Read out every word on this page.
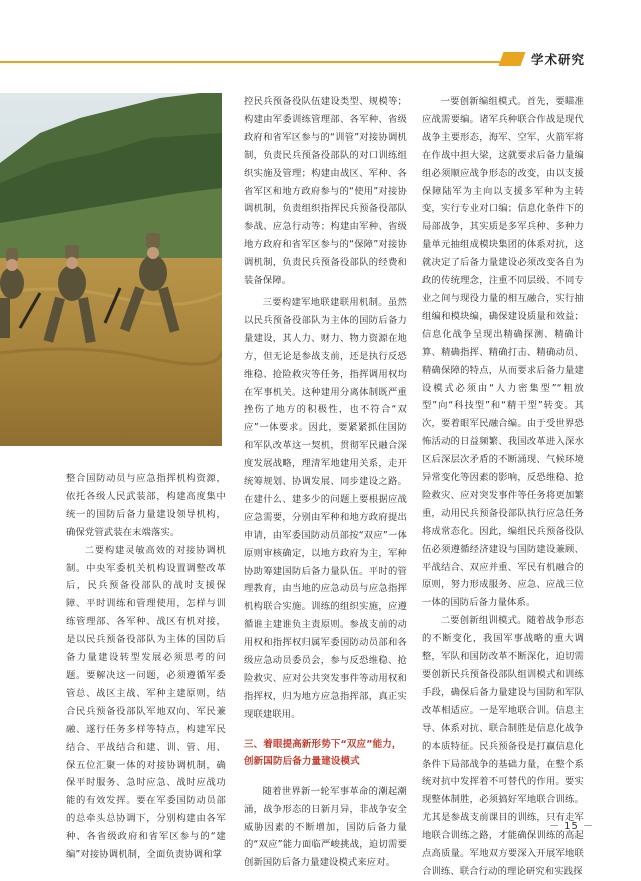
学术研究

整合国防动员与应急指挥机构资源，依托各级人民武装部，构建高度集中统一的国防后备力量建设领导机构，确保党管武装在末端落实。

二要构建灵敏高效的对接协调机制。中央军委机关机构设置调整改革后，民兵预备役部队的战时支援保障、平时训练和管理使用，怎样与训练管理部、各军种、战区有机对接，是以民兵预备役部队为主体的国防后备力量建设转型发展必须思考的问题。要解决这一问题，必须遵循军委管总、战区主战、军种主建原则，结合民兵预备役部队军地双向、军民兼融、遂行任务多样等特点，构建军民结合、平战结合和建、训、管、用、保五位汇聚一体的对接协调机制，确保平时服务、急时应急、战时应战功能的有效发挥。要在军委国防动员部的总牵头总协调下，分别构建由各军种、各省级政府和省军区参与的“建编”对接协调机制，全面负责协调和掌

控民兵预备役队伍建设类型、规模等；构建由军委训练管理部、各军种、省级政府和省军区参与的“训管”对接协调机制，负责民兵预备役部队的对口训练组织实施及管理；构建由战区、军种、各省军区和地方政府参与的“使用”对接协调机制，负责组织指挥民兵预备役部队参战、应急行动等；构建由军种、省级地方政府和省军区参与的“保障”对接协调机制，负责民兵预备役部队的经费和装备保障。

三要构建军地联建联用机制。虽然以民兵预备役部队为主体的国防后备力量建设，其人力、财力、物力资源在地方，但无论是参战支前，还是执行反恐维稳、抢险救灾等任务，指挥调用权均在军事机关。这种建用分离体制既严重挫伤了地方的积极性，也不符合“双应”一体要求。因此，要紧紧抓住国防和军队改革这一契机，贯彻军民融合深度发展战略，理清军地建用关系，走开统筹规划、协调发展、同步建设之路。在建什么、建多少的问题上要根据应战应急需要，分别由军种和地方政府提出申请，由军委国防动员部按“双应”一体原则审核确定，以地方政府为主，军种协助筹建国防后备力量队伍。平时的管理教育，由当地的应急动员与应急指挥机构联合实施。训练的组织实施，应遵循谁主建谁负主责原则。参战支前的动用权和指挥权归属军委国防动员部和各级应急动员委员会，参与反恐维稳、抢险救灾、应对公共突发事件等动用权和指挥权，归为地方应急指挥部，真正实现联建联用。

三、着眼提高新形势下“双应”能力，创新国防后备力量建设模式

随着世界新一轮军事革命的潮起潮涌，战争形态的日新月异，非战争安全威胁因素的不断增加，国防后备力量的“双应”能力面临严峻挑战，迫切需要创新国防后备力量建设模式来应对。

一要创新编组模式。首先，要瞄准应战需要编。诸军兵种联合作战是现代战争主要形态，海军、空军、火箭军将在作战中担大梁，这就要求后备力量编组必须顺应战争形态的改变，由以支援保障陆军为主向以支援多军种为主转变，实行专业对口编；信息化条件下的局部战争，其实质是多军兵种、多种力量单元抽组成模块集团的体系对抗，这就决定了后备力量建设必须改变各自为政的传统理念，注重不同层级、不同专业之间与现役力量的相互融合，实行抽组编和模块编，确保建设质量和效益；信息化战争呈现出精确探测、精确计算、精确指挥、精确打击、精确动员、精确保障的特点，从而要求后备力量建设模式必须由“人力密集型”“粗放型”向“科技型”和“精干型”转变。其次，要着眼军民融合编。由于受世界恐怖活动的日益频繁、我国改革进入深水区后深层次矛盾的不断涌现、气候环境异常变化等因素的影响，反恐维稳、抢险救灾、应对突发事件等任务将更加繁重，动用民兵预备役部队执行应急任务将成常态化。因此，编组民兵预备役队伍必须遵循经济建设与国防建设兼顾、平战结合、双应并重、军民有机融合的原则，努力形成服务、应急、应战三位一体的国防后备力量体系。

二要创新组训模式。随着战争形态的不断变化，我国军事战略的重大调整，军队和国防改革不断深化，迫切需要创新民兵预备役部队组训模式和训练手段，确保后备力量建设与国防和军队改革相适应。一是军地联合训。信息主导、体系对抗、联合制胜是信息化战争的本质特征。民兵预备役是打赢信息化条件下局部战争的基础力量，在整个系统对抗中发挥着不可替代的作用。要实现整体制胜，必须搞好军地联合训练。尤其是参战支前课目的训练，只有走军地联合训练之路，才能确保训练的高起点高质量。军地双方要深入开展军地联合训练、联合行动的理论研究和实践探

－ 15 －
